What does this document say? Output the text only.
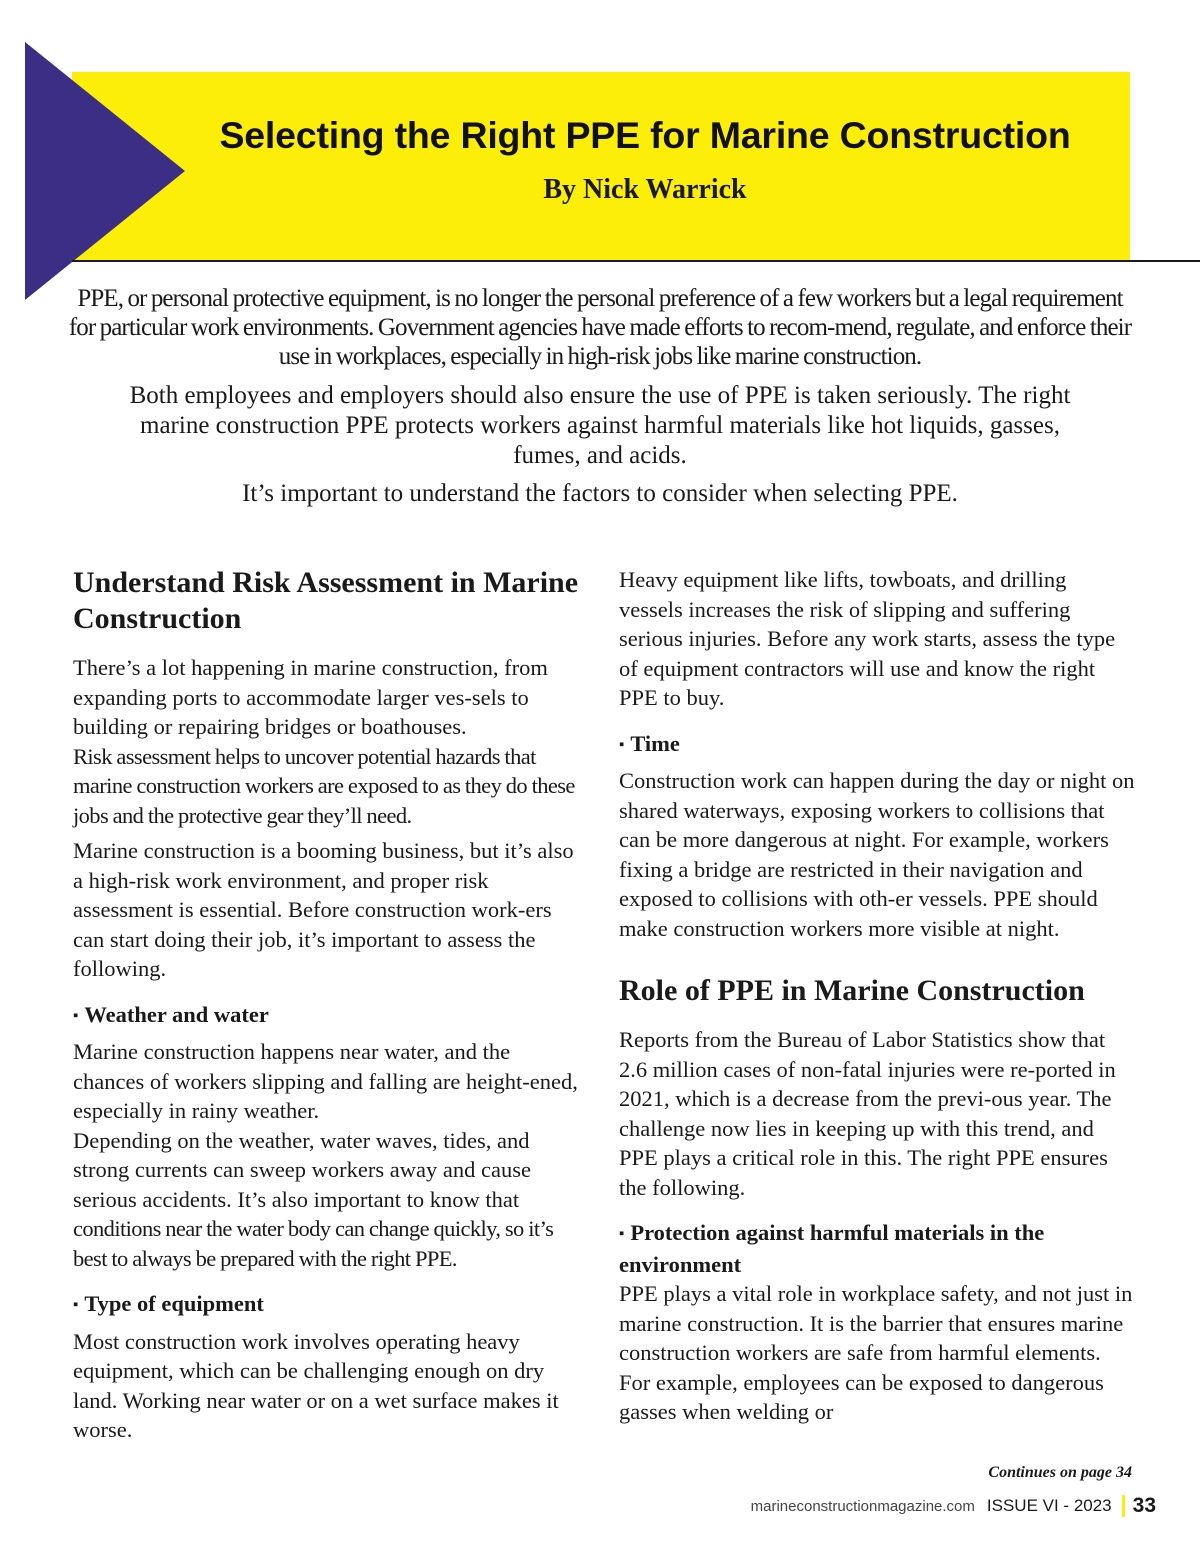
Selecting the Right PPE for Marine Construction
By Nick Warrick

PPE, or personal protective equipment, is no longer the personal preference of a few workers but a legal requirement for particular work environments. Government agencies have made efforts to recom-mend, regulate, and enforce their use in workplaces, especially in high-risk jobs like marine construction.

Both employees and employers should also ensure the use of PPE is taken seriously. The right marine construction PPE protects workers against harmful materials like hot liquids, gasses, fumes, and acids.

It’s important to understand the factors to consider when selecting PPE.

Understand Risk Assessment in Marine Construction

There’s a lot happening in marine construction, from expanding ports to accommodate larger ves-sels to building or repairing bridges or boathouses.

Risk assessment helps to uncover potential hazards that marine construction workers are exposed to as they do these jobs and the protective gear they’ll need.

Marine construction is a booming business, but it’s also a high-risk work environment, and proper risk assessment is essential. Before construction work-ers can start doing their job, it’s important to assess the following.

▪ Weather and water

Marine construction happens near water, and the chances of workers slipping and falling are height-ened, especially in rainy weather.

Depending on the weather, water waves, tides, and strong currents can sweep workers away and cause serious accidents. It’s also important to know that

conditions near the water body can change quickly, so it’s best to always be prepared with the right PPE.

▪ Type of equipment

Most construction work involves operating heavy equipment, which can be challenging enough on dry land. Working near water or on a wet surface makes it worse.

Heavy equipment like lifts, towboats, and drilling vessels increases the risk of slipping and suffering serious injuries. Before any work starts, assess the type of equipment contractors will use and know the right PPE to buy.

▪ Time

Construction work can happen during the day or night on shared waterways, exposing workers to collisions that can be more dangerous at night. For example, workers fixing a bridge are restricted in their navigation and exposed to collisions with oth-er vessels. PPE should make construction workers more visible at night.

Role of PPE in Marine Construction

Reports from the Bureau of Labor Statistics show that 2.6 million cases of non-fatal injuries were re-ported in 2021, which is a decrease from the previ-ous year. The challenge now lies in keeping up with this trend, and PPE plays a critical role in this. The right PPE ensures the following.

▪ Protection against harmful materials in the environment

PPE plays a vital role in workplace safety, and not just in marine construction. It is the barrier that ensures marine construction workers are safe from harmful elements. For example, employees can be exposed to dangerous gasses when welding or

Continues on page 34
marineconstructionmagazine.com ISSUE VI - 2023 33
